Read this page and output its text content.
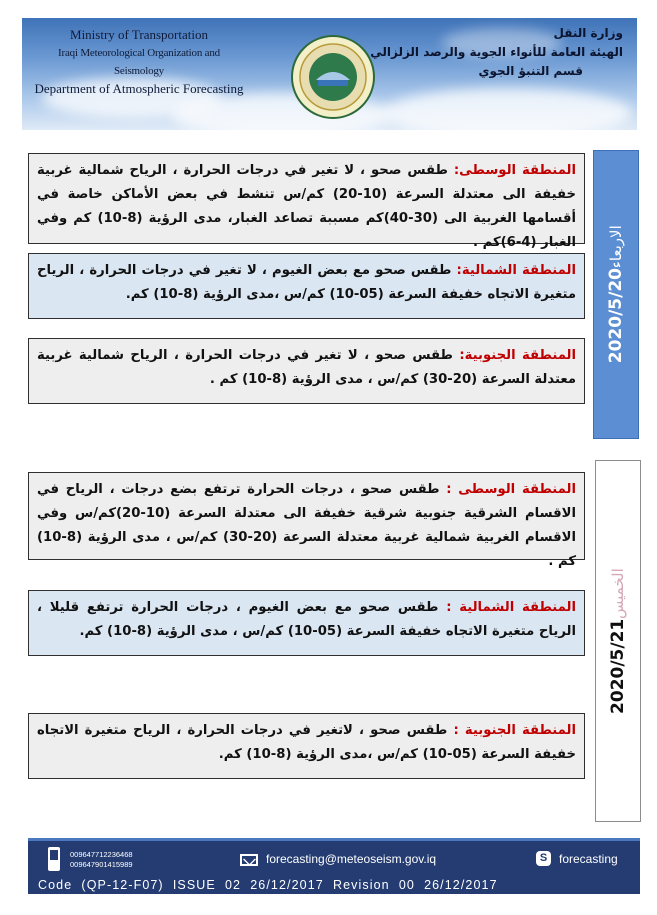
Ministry of Transportation
Iraqi Meteorological Organization and Seismology
Department of Atmospheric Forecasting
وزارة النقل
الهيئة العامة للأنواء الجوية والرصد الزلزالي
قسم التنبؤ الجوي
2020/5/20الاربعاء
المنطقة الوسطى: طقس صحو ، لا تغير في درجات الحرارة ، الرياح شمالية غربية خفيفة الى معتدلة السرعة (10-20) كم/س تنشط في بعض الأماكن خاصة في أقسامها الغربية الى (30-40)كم مسببة تصاعد الغبار، مدى الرؤية (8-10) كم وفي الغبار (4-6)كم .
المنطقة الشمالية: طقس صحو مع بعض الغيوم ، لا تغير في درجات الحرارة ، الرياح متغيرة الاتجاه خفيفة السرعة (05-10) كم/س ،مدى الرؤية (8-10) كم.
المنطقة الجنوبية: طقس صحو ، لا تغير في درجات الحرارة ، الرياح شمالية غربية معتدلة السرعة (20-30) كم/س ، مدى الرؤية (8-10) كم .
2020/5/21الخميس
المنطقة الوسطى : طقس صحو ، درجات الحرارة ترتفع بضع درجات ، الرياح في الاقسام الشرقية جنوبية شرقية خفيفة الى معتدلة السرعة (10-20)كم/س وفي الاقسام الغربية شمالية غربية معتدلة السرعة (20-30) كم/س ، مدى الرؤية (8-10) كم .
المنطقة الشمالية : طقس صحو مع بعض الغيوم ، درجات الحرارة ترتفع قليلا ، الرياح متغيرة الاتجاه خفيفة السرعة (05-10) كم/س ، مدى الرؤية (8-10) كم.
المنطقة الجنوبية : طقس صحو ، لاتغير في درجات الحرارة ، الرياح متغيرة الاتجاه خفيفة السرعة (05-10) كم/س ،مدى الرؤية (8-10) كم.
009647712236468
009647901415989	forecasting@meteoseism.gov.iq	S forecasting
Code  (QP-12-F07)  ISSUE  02  26/12/2017  Revision  00  26/12/2017
